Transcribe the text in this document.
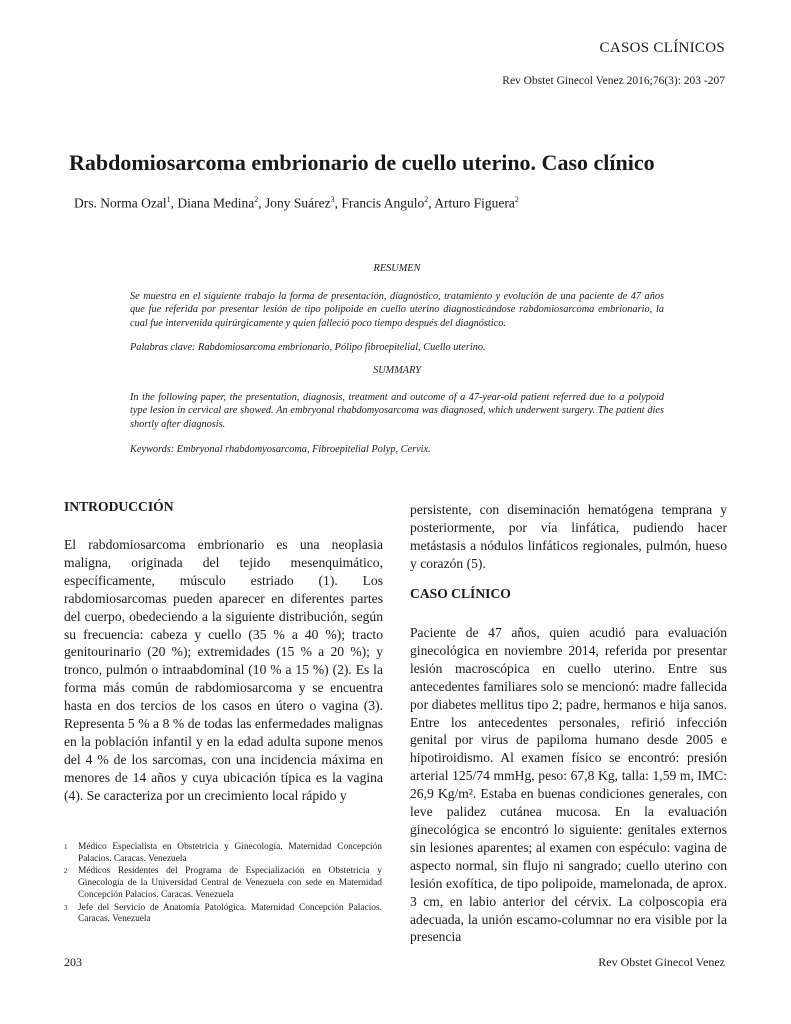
CASOS CLÍNICOS
Rev Obstet Ginecol Venez 2016;76(3): 203 -207
Rabdomiosarcoma embrionario de cuello uterino. Caso clínico
Drs. Norma Ozal$^1$, Diana Medina$^2$, Jony Suárez$^3$, Francis Angulo$^2$, Arturo Figuera$^2$
RESUMEN
Se muestra en el siguiente trabajo la forma de presentación, diagnóstico, tratamiento y evolución de una paciente de 47 años que fue referida por presentar lesión de tipo polipoide en cuello uterino diagnosticándose rabdomiosarcoma embrionario, la cual fue intervenida quirúrgicamente y quien falleció poco tiempo después del diagnóstico.
Palabras clave: Rabdomiosarcoma embrionario, Pólipo fibroepitelial, Cuello uterino.
SUMMARY
In the following paper, the presentation, diagnosis, treatment and outcome of a 47-year-old patient referred due to a polypoid type lesion in cervical are showed. An embryonal rhabdomyosarcoma was diagnosed, which underwent surgery. The patient dies shortly after diagnosis.
Keywords: Embryonal rhabdomyosarcoma, Fibroepitelial Polyp, Cervix.
INTRODUCCIÓN
El rabdomiosarcoma embrionario es una neoplasia maligna, originada del tejido mesenquimático, específicamente, músculo estriado (1). Los rabdomiosarcomas pueden aparecer en diferentes partes del cuerpo, obedeciendo a la siguiente distribución, según su frecuencia: cabeza y cuello (35 % a 40 %); tracto genitourinario (20 %); extremidades (15 % a 20 %); y tronco, pulmón o intraabdominal (10 % a 15 %) (2). Es la forma más común de rabdomiosarcoma y se encuentra hasta en dos tercios de los casos en útero o vagina (3). Representa 5 % a 8 % de todas las enfermedades malignas en la población infantil y en la edad adulta supone menos del 4 % de los sarcomas, con una incidencia máxima en menores de 14 años y cuya ubicación típica es la vagina (4). Se caracteriza por un crecimiento local rápido y
persistente, con diseminación hematógena temprana y posteriormente, por vía linfática, pudiendo hacer metástasis a nódulos linfáticos regionales, pulmón, hueso y corazón (5).
CASO CLÍNICO
Paciente de 47 años, quien acudió para evaluación ginecológica en noviembre 2014, referida por presentar lesión macroscópica en cuello uterino. Entre sus antecedentes familiares solo se mencionó: madre fallecida por diabetes mellitus tipo 2; padre, hermanos e hija sanos. Entre los antecedentes personales, refirió infección genital por virus de papiloma humano desde 2005 e hipotiroidismo. Al examen físico se encontró: presión arterial 125/74 mmHg, peso: 67,8 Kg, talla: 1,59 m, IMC: 26,9 Kg/m². Estaba en buenas condiciones generales, con leve palidez cutánea mucosa. En la evaluación ginecológica se encontró lo siguiente: genitales externos sin lesiones aparentes; al examen con espéculo: vagina de aspecto normal, sin flujo ni sangrado; cuello uterino con lesión exofítica, de tipo polipoide, mamelonada, de aprox. 3 cm, en labio anterior del cérvix. La colposcopia era adecuada, la unión escamo-columnar no era visible por la presencia
1	Médico Especialista en Obstetricia y Ginecología. Maternidad Concepción Palacios. Caracas. Venezuela
2	Médicos Residentes del Programa de Especialización en Obstetricia y Ginecología de la Universidad Central de Venezuela con sede en Maternidad Concepción Palacios. Caracas. Venezuela
3	Jefe del Servicio de Anatomía Patológica. Maternidad Concepción Palacios. Caracas. Venezuela
203	Rev Obstet Ginecol Venez
